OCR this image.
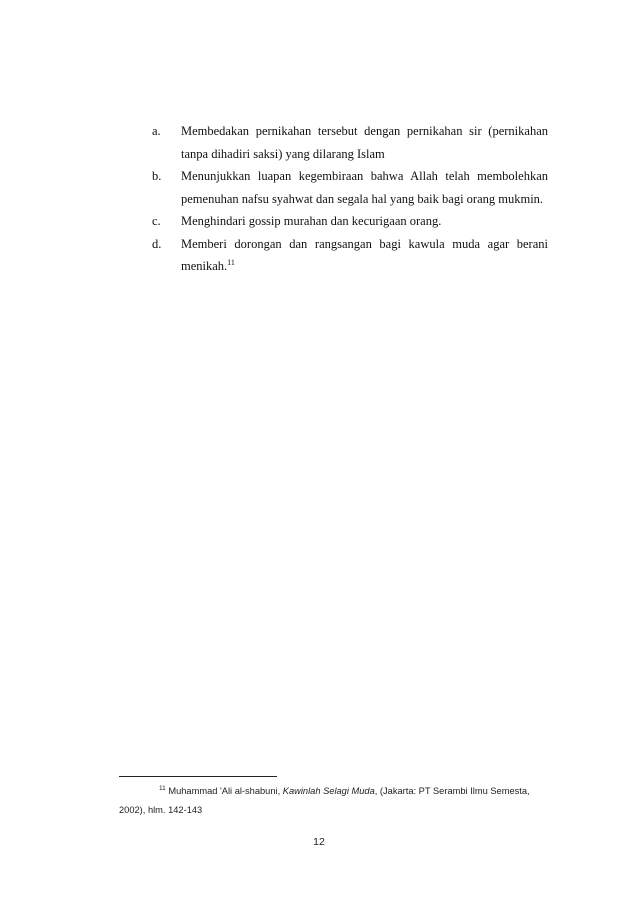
a. Membedakan pernikahan tersebut dengan pernikahan sir (pernikahan tanpa dihadiri saksi) yang dilarang Islam
b. Menunjukkan luapan kegembiraan bahwa Allah telah membolehkan pemenuhan nafsu syahwat dan segala hal yang baik bagi orang mukmin.
c. Menghindari gossip murahan dan kecurigaan orang.
d. Memberi dorongan dan rangsangan bagi kawula muda agar berani menikah.$^{11}$

$^{11}$ Muhammad 'Ali al-shabuni, Kawinlah Selagi Muda, (Jakarta: PT Serambi Ilmu Semesta, 2002), hlm. 142-143

12
